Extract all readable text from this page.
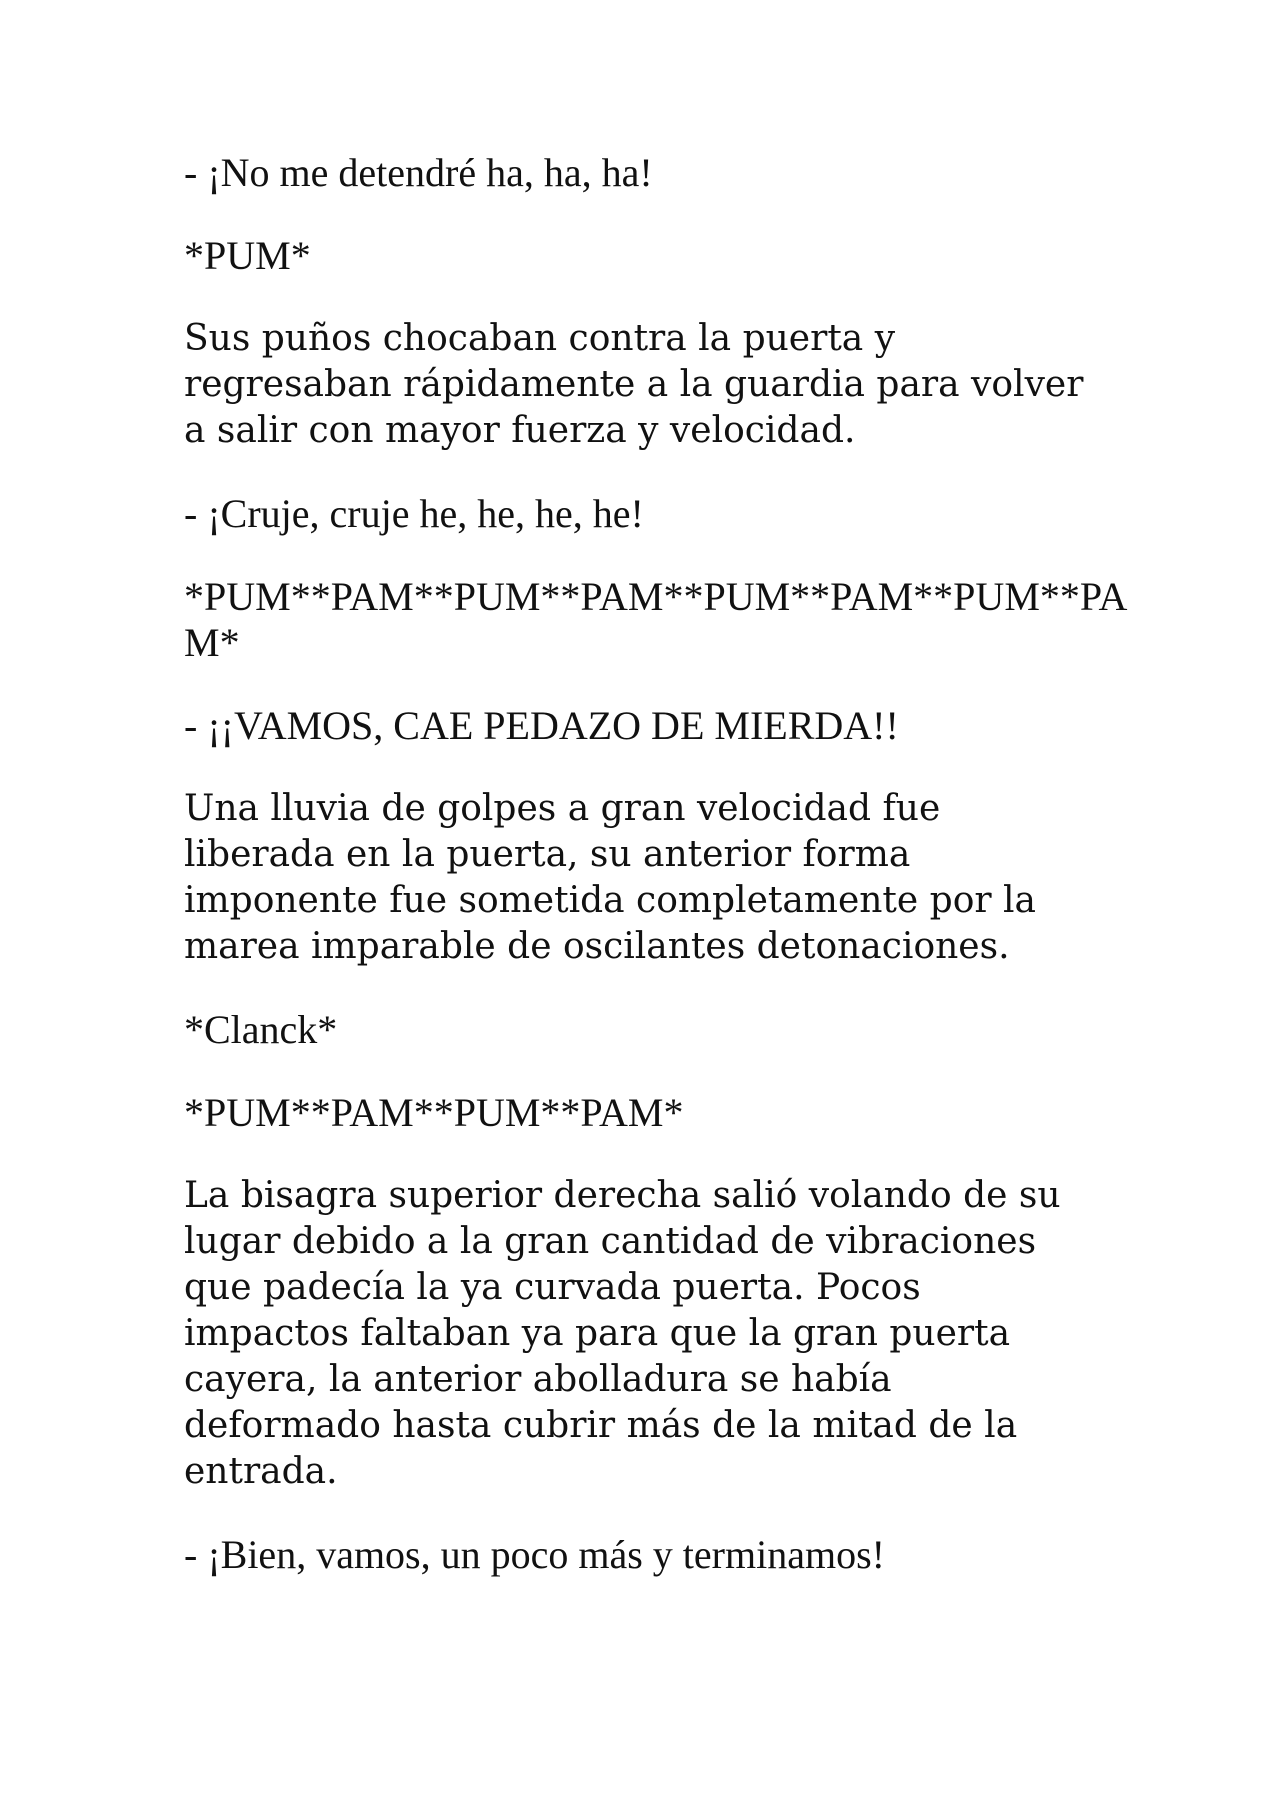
- ¡No me detendré ha, ha, ha!

*PUM*

Sus puños chocaban contra la puerta y
regresaban rápidamente a la guardia para volver
a salir con mayor fuerza y velocidad.

- ¡Cruje, cruje he, he, he, he!

*PUM**PAM**PUM**PAM**PUM**PAM**PUM**PA
M*

- ¡¡VAMOS, CAE PEDAZO DE MIERDA!!

Una lluvia de golpes a gran velocidad fue
liberada en la puerta, su anterior forma
imponente fue sometida completamente por la
marea imparable de oscilantes detonaciones.

*Clanck*

*PUM**PAM**PUM**PAM*

La bisagra superior derecha salió volando de su
lugar debido a la gran cantidad de vibraciones
que padecía la ya curvada puerta. Pocos
impactos faltaban ya para que la gran puerta
cayera, la anterior abolladura se había
deformado hasta cubrir más de la mitad de la
entrada.

- ¡Bien, vamos, un poco más y terminamos!
